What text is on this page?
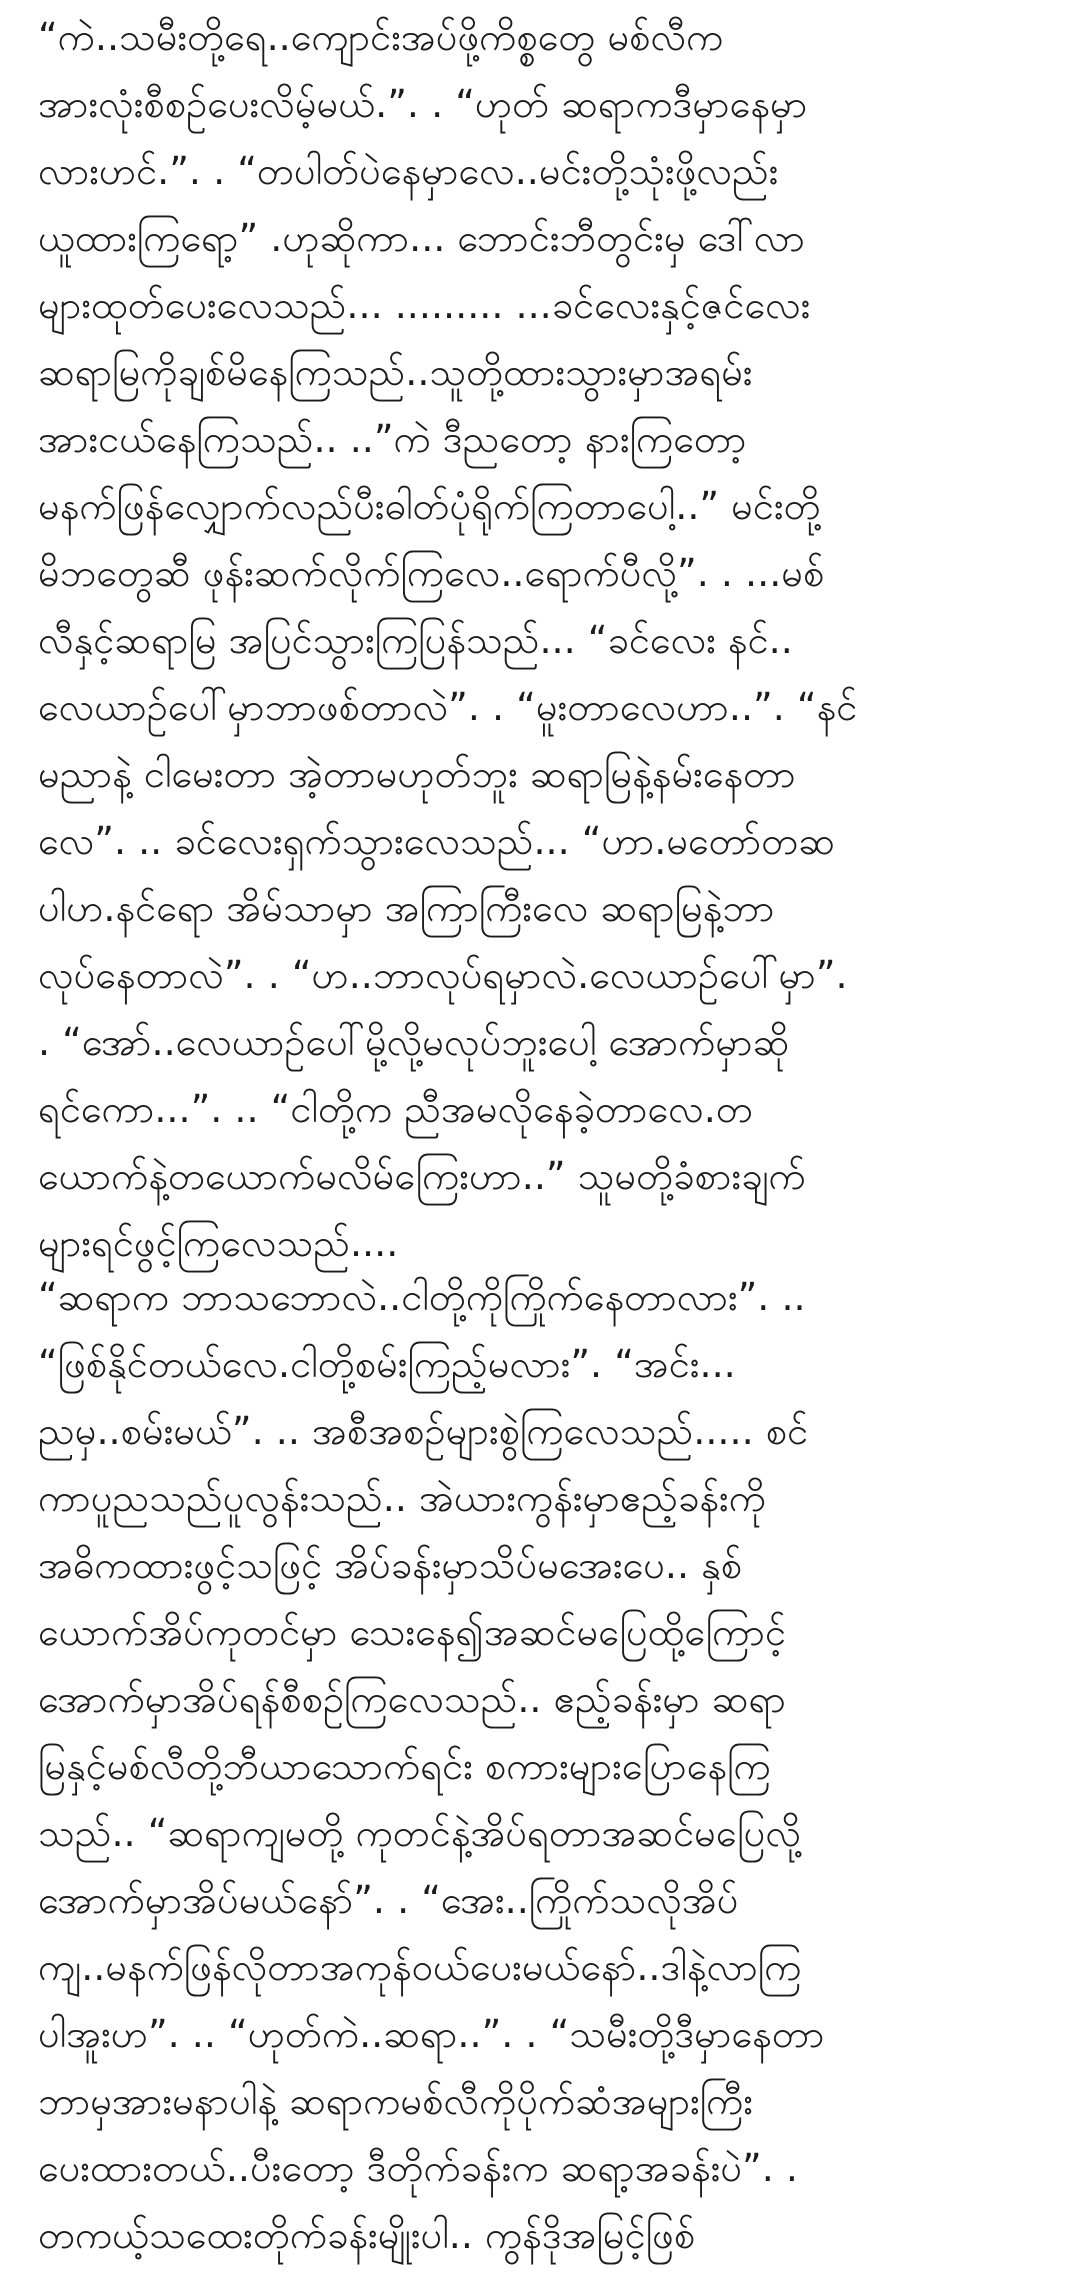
“ကဲ..သမီးတို့ရေ..ကျောင်းအပ်ဖို့ကိစ္စတွေ မစ်လီက
အားလုံးစီစဉ်ပေးလိမ့်မယ်.”. . “ဟုတ် ဆရာကဒီမှာနေမှာ
လားဟင်.”. . “တပါတ်ပဲနေမှာလေ..မင်းတို့သုံးဖို့လည်း
ယူထားကြရော့” .ဟုဆိုကာ... ဘောင်းဘီတွင်းမှ ဒေါ်လာ
များထုတ်ပေးလေသည်... ......... ...ခင်လေးနှင့်ဇင်လေး
ဆရာမြကိုချစ်မိနေကြသည်..သူတို့ထားသွားမှာအရမ်း
အားငယ်နေကြသည်.. ..”ကဲ ဒီညတော့ နားကြတော့
မနက်ဖြန်လျှောက်လည်ပီးဓါတ်ပုံရိုက်ကြတာပေါ့..” မင်းတို့
မိဘတွေဆီ ဖုန်းဆက်လိုက်ကြလေ..ရောက်ပီလို့”. . ...မစ်
လီနှင့်ဆရာမြ အပြင်သွားကြပြန်သည်... “ခင်လေး နင်..
လေယာဥ်ပေါ်မှာဘာဖစ်တာလဲ”. . “မူးတာလေဟာ..”. “နင်
မညာနဲ့ ငါမေးတာ အဲ့တာမဟုတ်ဘူး ဆရာမြနဲ့နမ်းနေတာ
လေ”. .. ခင်လေးရှက်သွားလေသည်... “ဟာ.မတော်တဆ
ပါဟ.နင်ရော အိမ်သာမှာ အကြာကြီးလေ ဆရာမြနဲ့ဘာ
လုပ်နေတာလဲ”. . “ဟ..ဘာလုပ်ရမှာလဲ.လေယာဥ်ပေါ်မှာ”.
. “အော်..လေယာဥ်ပေါ်မို့လို့မလုပ်ဘူးပေါ့ အောက်မှာဆို
ရင်ကော...”. .. “ငါတို့က ညီအမလိုနေခဲ့တာလေ.တ
ယောက်နဲ့တယောက်မလိမ်ကြေးဟာ..” သူမတို့ခံစားချက်
များရင်ဖွင့်ကြလေသည်....
“ဆရာက ဘာသဘောလဲ..ငါတို့ကိုကြိုက်နေတာလား”. ..
“ဖြစ်နိုင်တယ်လေ.ငါတို့စမ်းကြည့်မလား”. “အင်း...
ညမှ..စမ်းမယ်”. .. အစီအစဉ်များစွဲကြလေသည်..... စင်
ကာပူညသည်ပူလွန်းသည်.. အဲယားကွန်းမှာဧည့်ခန်းကို
အဓိကထားဖွင့်သဖြင့် အိပ်ခန်းမှာသိပ်မအေးပေ.. နှစ်
ယောက်အိပ်ကုတင်မှာ သေးနေ၍အဆင်မပြေထို့ကြောင့်
အောက်မှာအိပ်ရန်စီစဉ်ကြလေသည်.. ဧည့်ခန်းမှာ ဆရာ
မြနှင့်မစ်လီတို့ဘီယာသောက်ရင်း စကားများပြောနေကြ
သည်.. “ဆရာကျမတို့ ကုတင်နဲ့အိပ်ရတာအဆင်မပြေလို့
အောက်မှာအိပ်မယ်နော်”. . “အေး..ကြိုက်သလိုအိပ်
ကျ..မနက်ဖြန်လိုတာအကုန်ဝယ်ပေးမယ်နော်..ဒါနဲ့လာကြ
ပါအူးဟ”. .. “ဟုတ်ကဲ..ဆရာ..”. . “သမီးတို့ဒီမှာနေတာ
ဘာမှအားမနာပါနဲ့ ဆရာကမစ်လီကိုပိုက်ဆံအများကြီး
ပေးထားတယ်..ပီးတော့ ဒီတိုက်ခန်းက ဆရာ့အခန်းပဲ”. .
တကယ့်သထေးတိုက်ခန်းမျိုးပါ.. ကွန်ဒိုအမြင့်ဖြစ်
